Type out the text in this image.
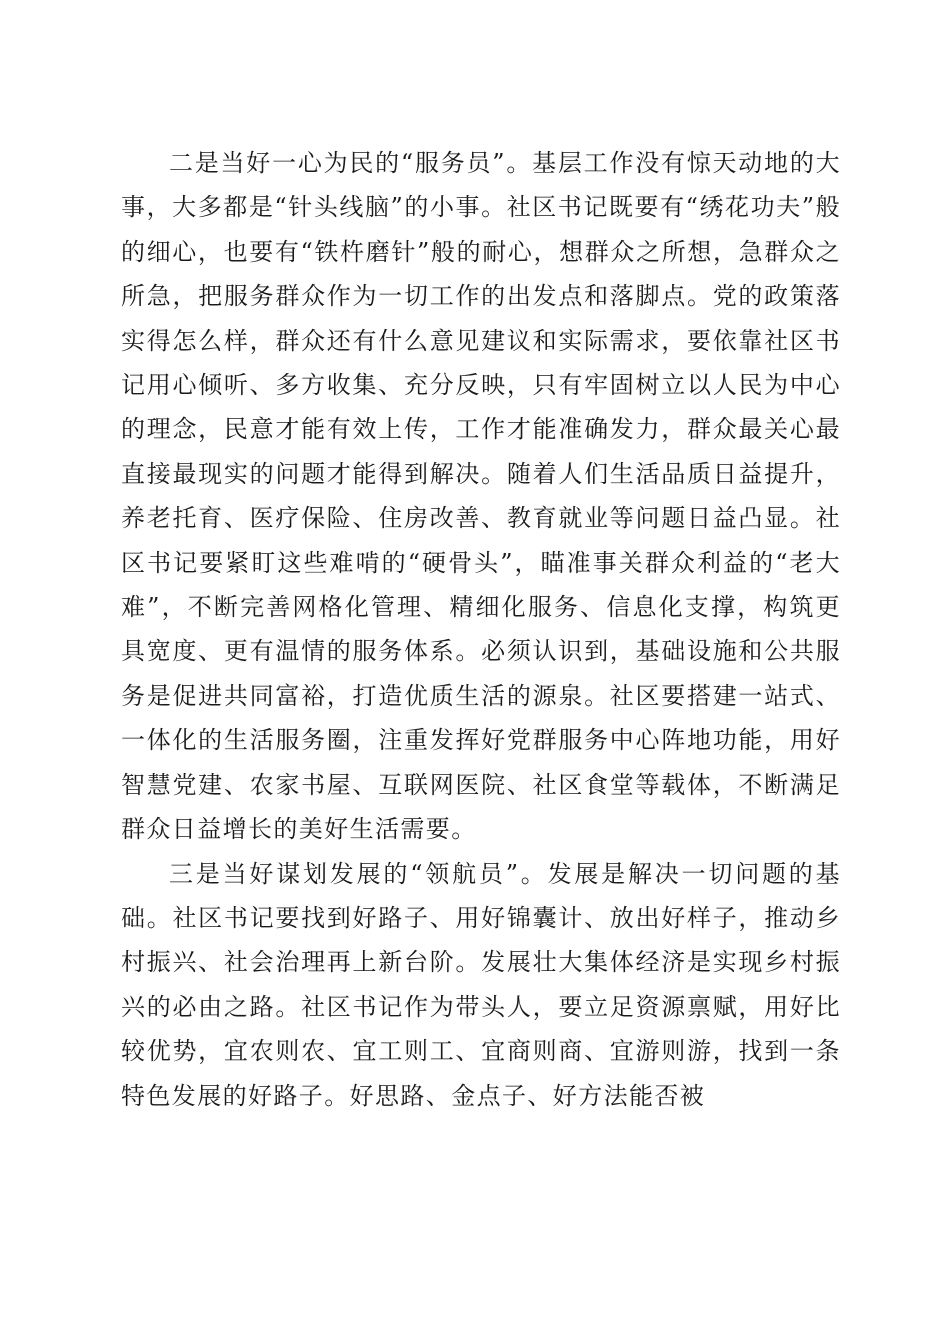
二是当好一心为民的“服务员”。基层工作没有惊天动地的大事，大多都是“针头线脑”的小事。社区书记既要有“绣花功夫”般的细心，也要有“铁杵磨针”般的耐心，想群众之所想，急群众之所急，把服务群众作为一切工作的出发点和落脚点。党的政策落实得怎么样，群众还有什么意见建议和实际需求，要依靠社区书记用心倾听、多方收集、充分反映，只有牢固树立以人民为中心的理念，民意才能有效上传，工作才能准确发力，群众最关心最直接最现实的问题才能得到解决。随着人们生活品质日益提升，养老托育、医疗保险、住房改善、教育就业等问题日益凸显。社区书记要紧盯这些难啃的“硬骨头”，瞄准事关群众利益的“老大难”，不断完善网格化管理、精细化服务、信息化支撑，构筑更具宽度、更有温情的服务体系。必须认识到，基础设施和公共服务是促进共同富裕，打造优质生活的源泉。社区要搭建一站式、一体化的生活服务圈，注重发挥好党群服务中心阵地功能，用好智慧党建、农家书屋、互联网医院、社区食堂等载体，不断满足群众日益增长的美好生活需要。

三是当好谋划发展的“领航员”。发展是解决一切问题的基础。社区书记要找到好路子、用好锦囊计、放出好样子，推动乡村振兴、社会治理再上新台阶。发展壮大集体经济是实现乡村振兴的必由之路。社区书记作为带头人，要立足资源禀赋，用好比较优势，宜农则农、宜工则工、宜商则商、宜游则游，找到一条特色发展的好路子。好思路、金点子、好方法能否被
